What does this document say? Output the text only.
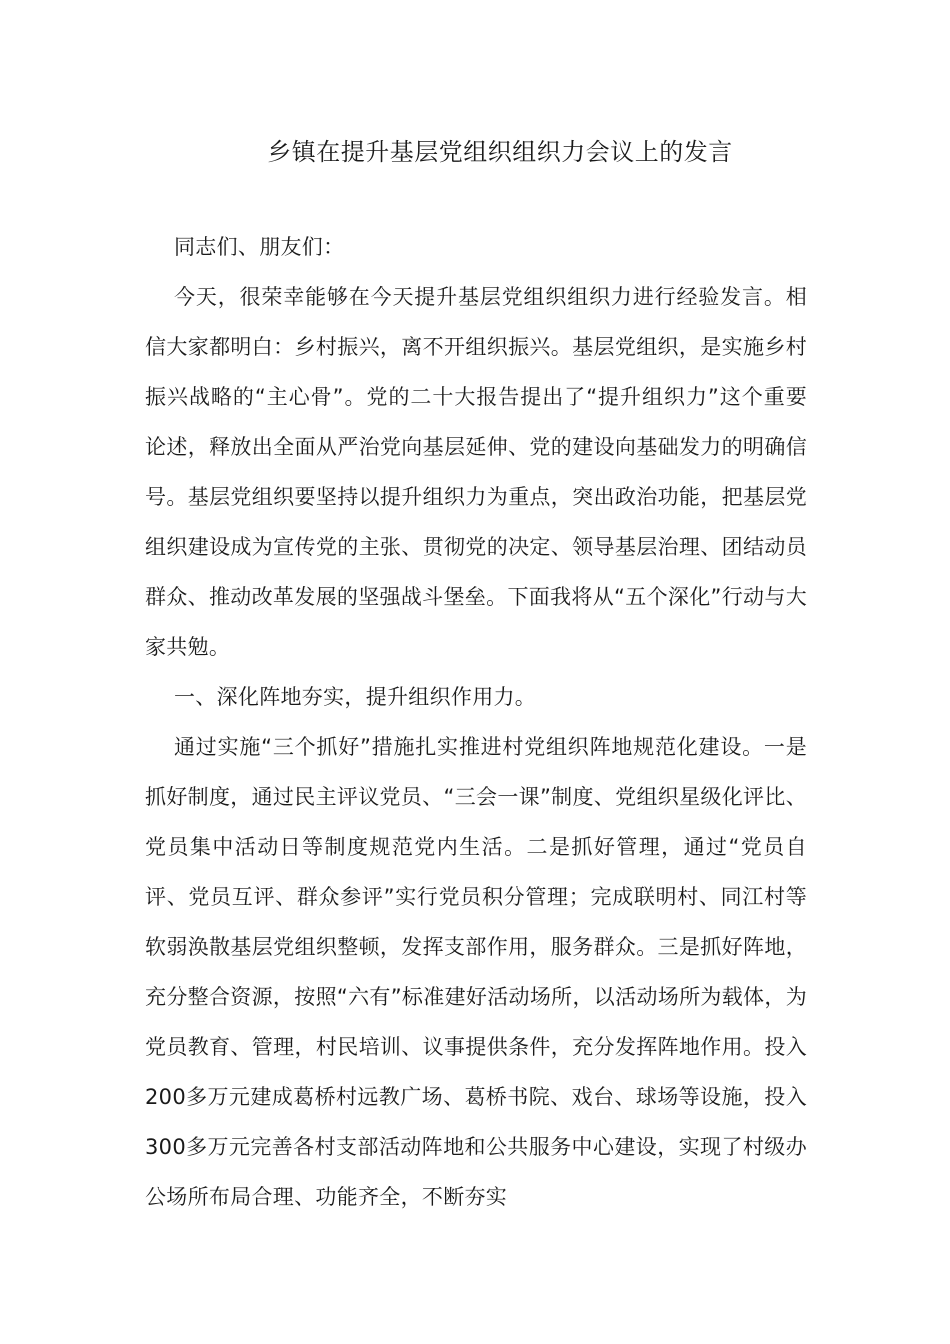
乡镇在提升基层党组织组织力会议上的发言

同志们、朋友们：

今天，很荣幸能够在今天提升基层党组织组织力进行经验发言。相信大家都明白：乡村振兴，离不开组织振兴。基层党组织，是实施乡村振兴战略的“主心骨”。党的二十大报告提出了“提升组织力”这个重要论述，释放出全面从严治党向基层延伸、党的建设向基础发力的明确信号。基层党组织要坚持以提升组织力为重点，突出政治功能，把基层党组织建设成为宣传党的主张、贯彻党的决定、领导基层治理、团结动员群众、推动改革发展的坚强战斗堡垒。下面我将从“五个深化”行动与大家共勉。

一、深化阵地夯实，提升组织作用力。

通过实施“三个抓好”措施扎实推进村党组织阵地规范化建设。一是抓好制度，通过民主评议党员、“三会一课”制度、党组织星级化评比、党员集中活动日等制度规范党内生活。二是抓好管理，通过“党员自评、党员互评、群众参评”实行党员积分管理；完成联明村、同江村等软弱涣散基层党组织整顿，发挥支部作用，服务群众。三是抓好阵地，充分整合资源，按照“六有”标准建好活动场所，以活动场所为载体，为党员教育、管理，村民培训、议事提供条件，充分发挥阵地作用。投入200多万元建成葛桥村远教广场、葛桥书院、戏台、球场等设施，投入300多万元完善各村支部活动阵地和公共服务中心建设，实现了村级办公场所布局合理、功能齐全，不断夯实
